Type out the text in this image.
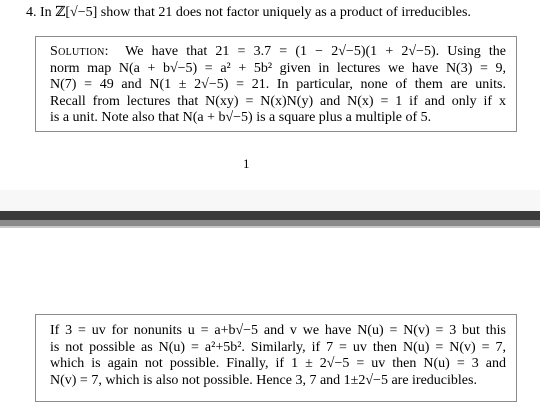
4. In ℤ[√−5] show that 21 does not factor uniquely as a product of irreducibles.
Solution: We have that 21 = 3.7 = (1 − 2√−5)(1 + 2√−5). Using the
norm map N(a + b√−5) = a² + 5b² given in lectures we have N(3) = 9,
N(7) = 49 and N(1 ± 2√−5) = 21. In particular, none of them are units.
Recall from lectures that N(xy) = N(x)N(y) and N(x) = 1 if and only if x
is a unit. Note also that N(a + b√−5) is a square plus a multiple of 5.
1
If 3 = uv for nonunits u = a+b√−5 and v we have N(u) = N(v) = 3 but this
is not possible as N(u) = a²+5b². Similarly, if 7 = uv then N(u) = N(v) = 7,
which is again not possible. Finally, if 1 ± 2√−5 = uv then N(u) = 3 and
N(v) = 7, which is also not possible. Hence 3, 7 and 1±2√−5 are ireducibles.
